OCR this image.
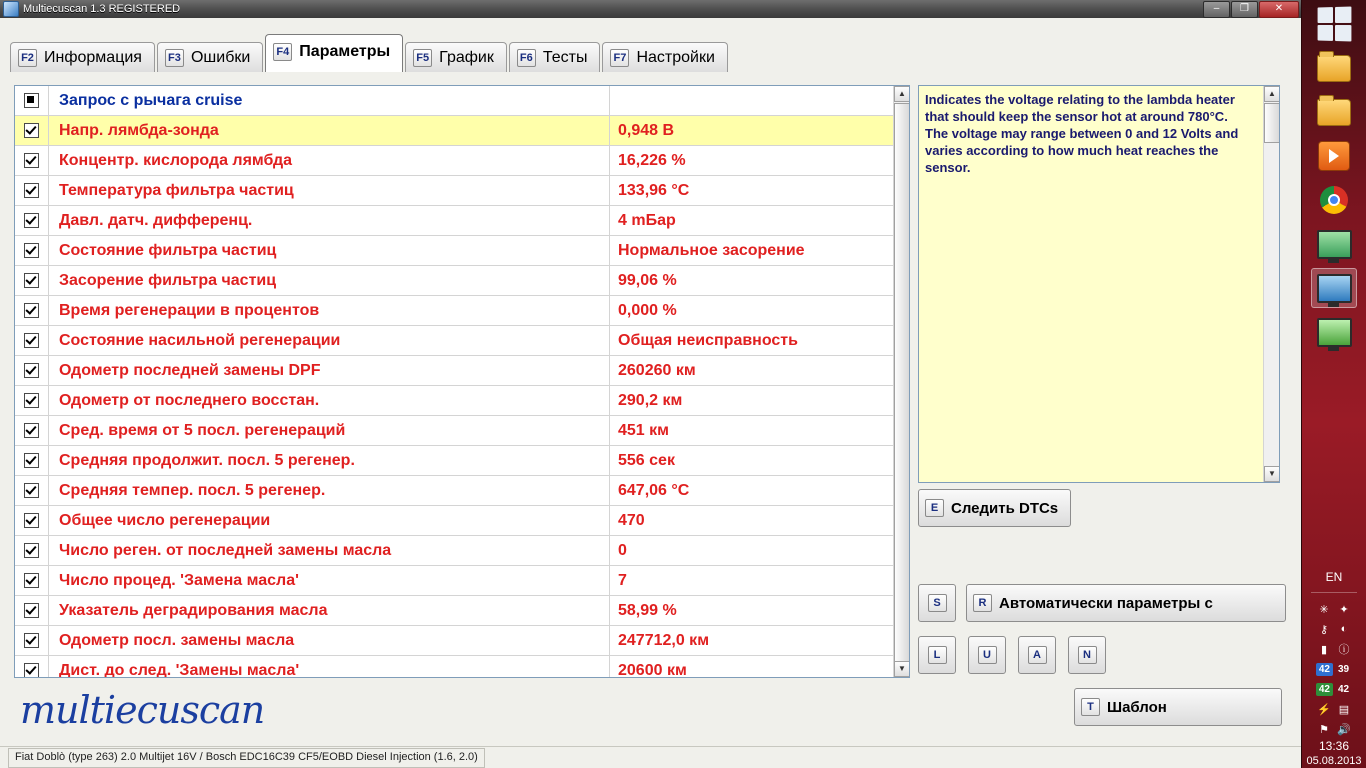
Multiecuscan 1.3 REGISTERED	–	❐	✕
F2 Информация F3 Ошибки F4 Параметры F5 График F6 Тесты F7 Настройки
Запрос с рычага cruise
Напр. лямбда-зонда	0,948 В
Концентр. кислорода лямбда	16,226 %
Температура фильтра частиц	133,96 °C
Давл. датч. дифференц.	4 mБар
Состояние фильтра частиц	Нормальное засорение
Засорение фильтра частиц	99,06 %
Время регенерации в процентов	0,000 %
Состояние насильной регенерации	Общая неисправность
Одометр последней замены DPF	260260 км
Одометр от последнего восстан.	290,2 км
Сред. время от 5 посл. регенераций	451 км
Средняя продолжит. посл. 5 регенер.	556 сек
Средняя темпер. посл. 5 регенер.	647,06 °C
Общее число регенерации	470
Число реген. от последней замены масла	0
Число процед. 'Замена масла'	7
Указатель деградирования масла	58,99 %
Одометр посл. замены масла	247712,0 км
Дист. до след. 'Замены масла'	20600 км
▲
▼
Indicates the voltage relating to the lambda heater that should keep the sensor hot at around 780°C. The voltage may range between 0 and 12 Volts and varies according to how much heat reaches the sensor.
▲
▼
E Следить DTCs
S	R Автоматически параметры с
L	U	A	N
T Шаблон
multiecuscan
Fiat Doblò (type 263) 2.0 Multijet 16V / Bosch EDC16C39 CF5/EOBD Diesel Injection (1.6, 2.0)
EN
✳ ✦
⚷	◐
▮	ⓘ
42 39
42 42
⚡ ▤
⚑ 🔊
13:36
05.08.2013
